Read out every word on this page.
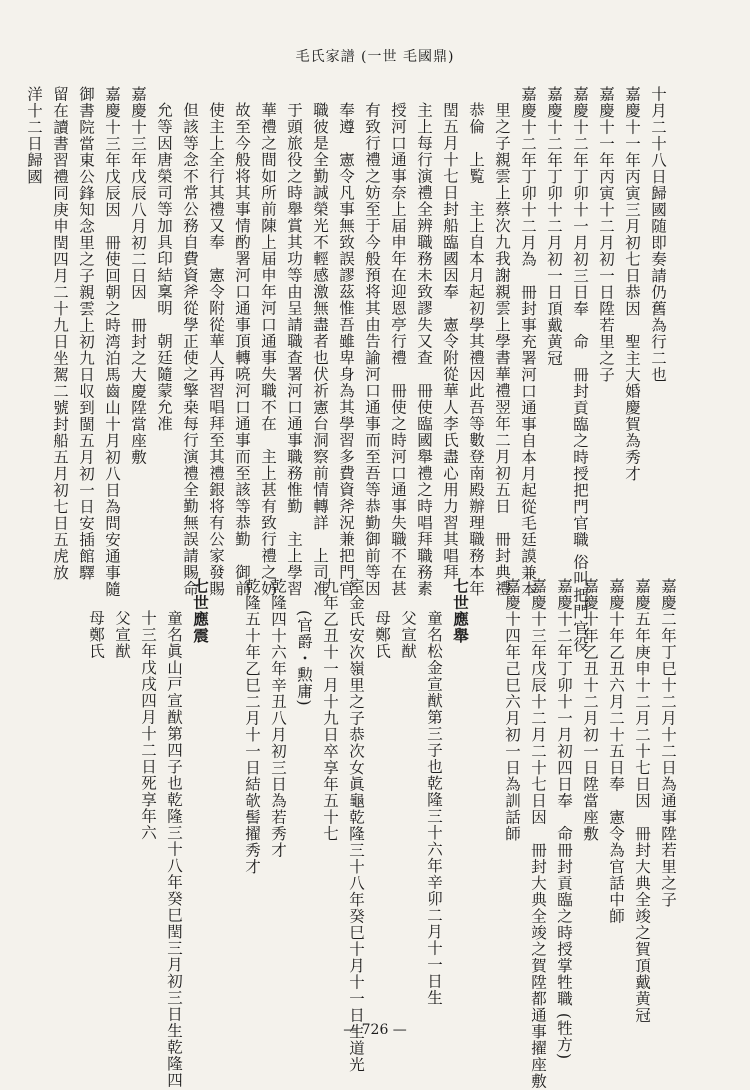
毛氏家譜 (一世 毛國鼎)
十月二十八日歸國随即奏請仍舊為行二也
嘉慶十一年丙寅三月初七日恭因　聖主大婚慶賀為秀才
嘉慶十一年丙寅十二月初一日陞若里之子
嘉慶十二年丁卯十一月初三日奉　命　冊封貢臨之時授把門官職 俗叫把門官役
嘉慶十二年丁卯十二月初一日頂戴黄冠
嘉慶十二年丁卯十二月為　冊封事充署河口通事自本月起從毛廷謨兼本
里之子親雲上蔡次九我謝親雲上學書華禮翌年二月初五日　冊封典禮
恭倫　上覧　主上自本月起初學其禮因此吾等數登南殿辦理職務本年
閏五月十七日封船臨國因奉　憲令附從華人李氏盡心用力習其唱拜
主上每行演禮全辨職務未致謬失又查　冊使臨國舉禮之時唱拜職務素
授河口通事奈上届申年在迎恩亭行禮　冊使之時河口通事失職不在甚
有致行禮之妨至于今般預将其由告諭河口通事而至吾等恭勤御前等因
奉遵　憲令凡事無致誤謬茲惟吾雖卑身為其學習多費資斧況兼把門官
職彼是全勤誠榮光不輕感激無盡者也伏祈憲台洞察前情轉詳　上司准
于頭旅役之時舉賞其功等由呈請職查署河口通事職務惟勤　主上學習
華禮之間如所前陳上届申年河口通事失職不在　主上甚有致行禮之妨
故至今般将其事情酌署河口通事頂轉喨河口通事而至該等恭勤　御前
使主上全行其禮又奉　憲令附從華人再習唱拜至其禮銀将有公家發賜
但該等念不常公務自費資斧從學正使之擎桒每行演禮全勤無誤請賜命
允等因唐榮司等加具印結稟明　朝廷隨蒙允准
嘉慶十三年戊辰八月初二日因　冊封之大慶陞當座敷
嘉慶十三年戊辰因　冊使回朝之時湾泊馬齒山十月初八日為問安通事隨
御書院當東公鋒知念里之子親雲上初九日収到閩五月初一日安插館驛
留在讀書習禮同庚申閏四月二十九日坐駕二號封船五月初七日五虎放
洋十二日歸國
嘉慶二年丁巳十二月十二日為通事陞若里之子
嘉慶五年庚申十二月二十七日因　冊封大典全竣之賀頂戴黄冠
嘉慶十年乙丑六月二十五日奉　憲令為官話中師
嘉慶十年乙丑十二月初一日陞當座敷
嘉慶十二年丁卯十一月初四日奉　命冊封貢臨之時授掌牲職 (牲方)
嘉慶十三年戊辰十二月二十七日因　冊封大典全竣之賀陞都通事擢座敷
嘉慶十四年己巳六月初一日為訓話師
七世應舉
童名松金宣猷第三子也乾隆三十六年辛卯二月十一日生
父宣猷
母鄭氏
室金氏安次嶺里之子恭次女眞龜乾隆三十八年癸巳十月十一日生道光
九年乙丑十一月十九日卒享年五十七
(官爵・勲庸)
乾隆四十六年辛丑八月初三日為若秀才
乾隆五十年乙巳二月十一日結欹髻擢秀才
七世應震
童名眞山戸宣猷第四子也乾隆三十八年癸巳閏三月初三日生乾隆四
十三年戊戌四月十二日死享年六
父宣猷
母鄭氏
— 726 —
